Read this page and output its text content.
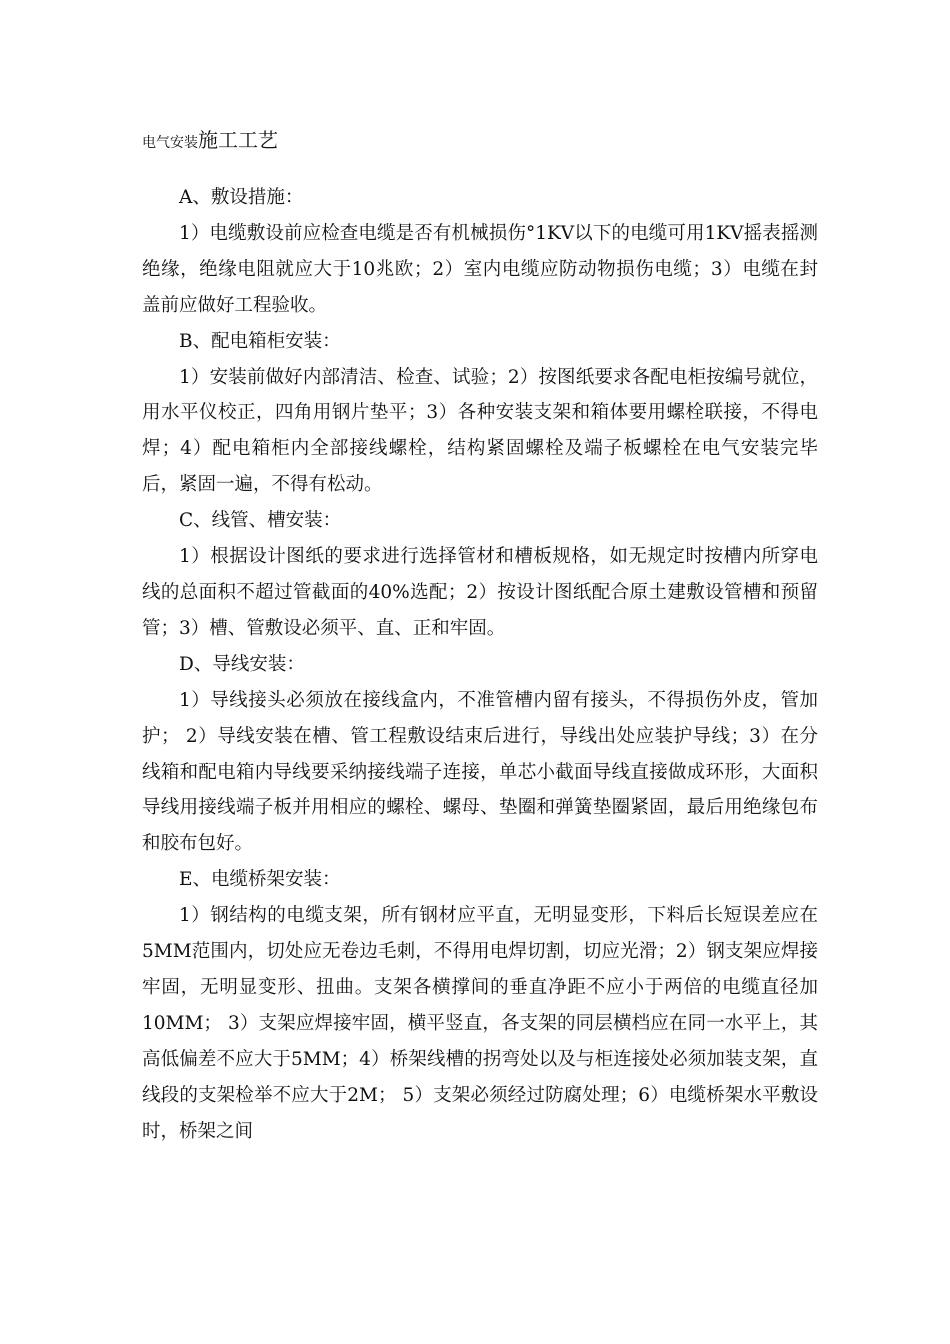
电气安装施工工艺

A、敷设措施：

1）电缆敷设前应检查电缆是否有机械损伤°1KV以下的电缆可用1KV摇表摇测绝缘，绝缘电阻就应大于10兆欧；2）室内电缆应防动物损伤电缆；3）电缆在封盖前应做好工程验收。

B、配电箱柜安装：

1）安装前做好内部清洁、检查、试验；2）按图纸要求各配电柜按编号就位，用水平仪校正，四角用钢片垫平；3）各种安装支架和箱体要用螺栓联接，不得电焊；4）配电箱柜内全部接线螺栓，结构紧固螺栓及端子板螺栓在电气安装完毕后，紧固一遍，不得有松动。

C、线管、槽安装：

1）根据设计图纸的要求进行选择管材和槽板规格，如无规定时按槽内所穿电线的总面积不超过管截面的40%选配；2）按设计图纸配合原土建敷设管槽和预留管；3）槽、管敷设必须平、直、正和牢固。

D、导线安装：

1）导线接头必须放在接线盒内，不准管槽内留有接头，不得损伤外皮，管加护； 2）导线安装在槽、管工程敷设结束后进行，导线出处应装护导线；3）在分线箱和配电箱内导线要采纳接线端子连接，单芯小截面导线直接做成环形，大面积导线用接线端子板并用相应的螺栓、螺母、垫圈和弹簧垫圈紧固，最后用绝缘包布和胶布包好。

E、电缆桥架安装：

1）钢结构的电缆支架，所有钢材应平直，无明显变形，下料后长短误差应在5MM范围内，切处应无卷边毛刺，不得用电焊切割，切应光滑；2）钢支架应焊接牢固，无明显变形、扭曲。支架各横撑间的垂直净距不应小于两倍的电缆直径加10MM； 3）支架应焊接牢固，横平竖直，各支架的同层横档应在同一水平上，其高低偏差不应大于5MM；4）桥架线槽的拐弯处以及与柜连接处必须加装支架，直线段的支架检举不应大于2M； 5）支架必须经过防腐处理；6）电缆桥架水平敷设时，桥架之间
